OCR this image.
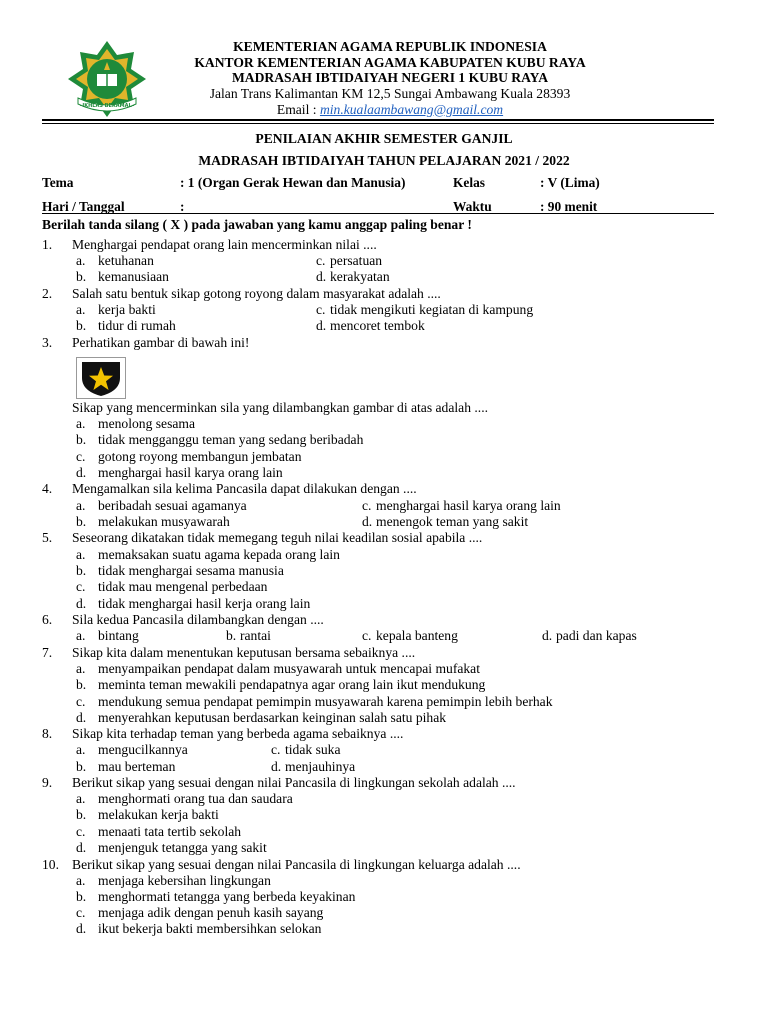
IKHLAS BERAMAL
KEMENTERIAN AGAMA REPUBLIK INDONESIA
KANTOR KEMENTERIAN AGAMA KABUPATEN KUBU RAYA
MADRASAH IBTIDAIYAH NEGERI 1 KUBU RAYA
Jalan Trans Kalimantan KM 12,5 Sungai Ambawang Kuala 28393
Email : min.kualaambawang@gmail.com
PENILAIAN AKHIR SEMESTER GANJIL
MADRASAH IBTIDAIYAH TAHUN PELAJARAN 2021 / 2022
Tema	: 1 (Organ Gerak Hewan dan Manusia)	Kelas	: V (Lima)
Hari / Tanggal	:	Waktu	: 90 menit
Berilah tanda silang ( X ) pada jawaban yang kamu anggap paling benar !
1. Menghargai pendapat orang lain mencerminkan nilai ....
a. ketuhanan	c. persatuan
b. kemanusiaan	d. kerakyatan
2. Salah satu bentuk sikap gotong royong dalam masyarakat adalah ....
a. kerja bakti	c. tidak mengikuti kegiatan di kampung
b. tidur di rumah	d. mencoret tembok
3. Perhatikan gambar di bawah ini!
Sikap yang mencerminkan sila yang dilambangkan gambar di atas adalah ....
a. menolong sesama
b. tidak mengganggu teman yang sedang beribadah
c. gotong royong membangun jembatan
d. menghargai hasil karya orang lain
4. Mengamalkan sila kelima Pancasila dapat dilakukan dengan ....
a. beribadah sesuai agamanya	c. menghargai hasil karya orang lain
b. melakukan musyawarah	d. menengok teman yang sakit
5. Seseorang dikatakan tidak memegang teguh nilai keadilan sosial apabila ....
a. memaksakan suatu agama kepada orang lain
b. tidak menghargai sesama manusia
c. tidak mau mengenal perbedaan
d. tidak menghargai hasil kerja orang lain
6. Sila kedua Pancasila dilambangkan dengan ....
a. bintang	b. rantai	c. kepala banteng	d. padi dan kapas
7. Sikap kita dalam menentukan keputusan bersama sebaiknya ....
a. menyampaikan pendapat dalam musyawarah untuk mencapai mufakat
b. meminta teman mewakili pendapatnya agar orang lain ikut mendukung
c. mendukung semua pendapat pemimpin musyawarah karena pemimpin lebih berhak
d. menyerahkan keputusan berdasarkan keinginan salah satu pihak
8. Sikap kita terhadap teman yang berbeda agama sebaiknya ....
a. mengucilkannya	c. tidak suka
b. mau berteman	d. menjauhinya
9. Berikut sikap yang sesuai dengan nilai Pancasila di lingkungan sekolah adalah ....
a. menghormati orang tua dan saudara
b. melakukan kerja bakti
c. menaati tata tertib sekolah
d. menjenguk tetangga yang sakit
10. Berikut sikap yang sesuai dengan nilai Pancasila di lingkungan keluarga adalah ....
a. menjaga kebersihan lingkungan
b. menghormati tetangga yang berbeda keyakinan
c. menjaga adik dengan penuh kasih sayang
d. ikut bekerja bakti membersihkan selokan
